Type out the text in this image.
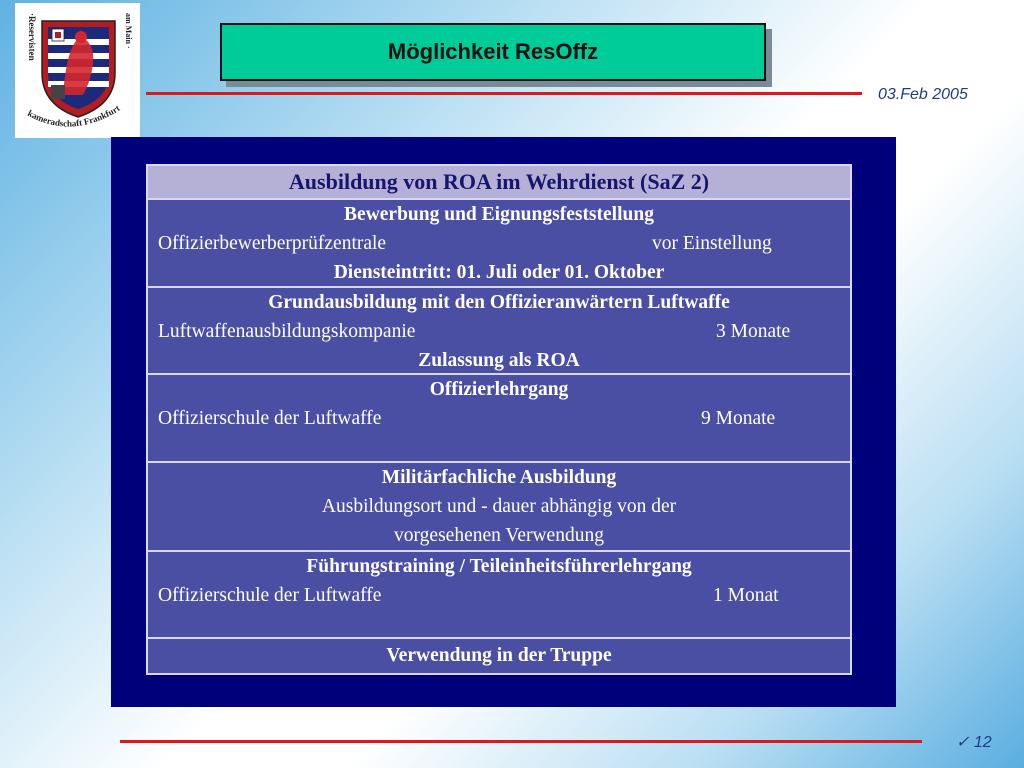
·Reservisten
kameradschaft Frankfurt
am Main ·	Möglichkeit ResOffz
03.Feb 2005
Ausbildung von ROA im Wehrdienst (SaZ 2)
Bewerbung und Eignungsfeststellung
Offizierbewerberprüfzentrale	vor Einstellung
Diensteintritt: 01. Juli oder 01. Oktober
Grundausbildung mit den Offizieranwärtern Luftwaffe
Luftwaffenausbildungskompanie	3 Monate
Zulassung als ROA
Offizierlehrgang
Offizierschule der Luftwaffe	9 Monate
Militärfachliche Ausbildung
Ausbildungsort und - dauer abhängig von der
vorgesehenen Verwendung
Führungstraining / Teileinheitsführerlehrgang
Offizierschule der Luftwaffe	1 Monat
Verwendung in der Truppe
✓ 12
